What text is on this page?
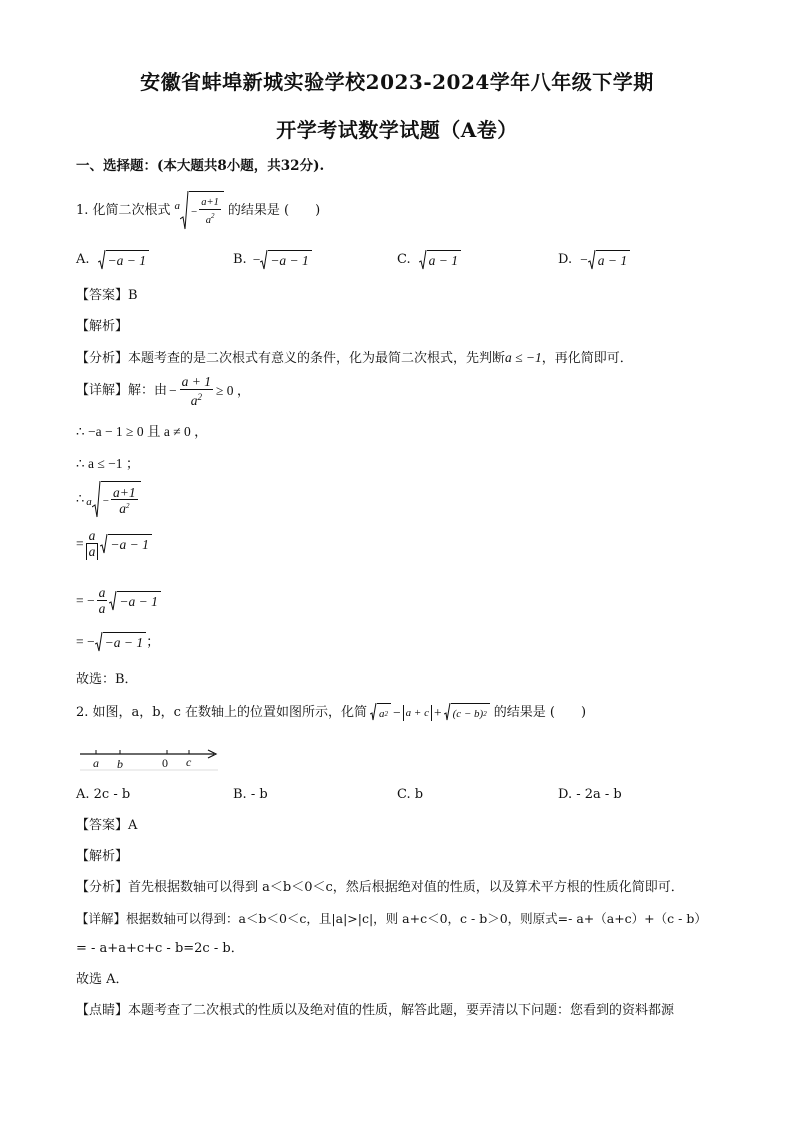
安徽省蚌埠新城实验学校2023-2024学年八年级下学期
开学考试数学试题（A卷）
一、选择题：(本大题共8小题，共32分).
1. 化简二次根式 $a - \frac{a+1}{a^2}$ 的结果是 (　　)
A. −a − 1	B. − −a − 1	C. a − 1	D. − a − 1
【答案】B
【解析】
【分析】本题考查的是二次根式有意义的条件，化为最简二次根式，先判断a ≤ −1，再化简即可．
【详解】解：由 − $\frac{a + 1}{a^2} \ge 0$ ，
∴ −a − 1 ≥ 0 且 a ≠ 0 ，
∴ a ≤ −1 ；
∴ $a - \frac{a+1}{a^2}$
= $\frac{a}{a} -a - 1$
= − $\frac{a}{a} -a - 1$
= − −a − 1 ；
故选：B．
2. 如图，a，b，c 在数轴上的位置如图所示，化简 a 2 − a + c + (c − b) 2 的结果是 (　　)
a b	0 c
A. 2c - b	B. - b	C. b	D. - 2a - b
【答案】A
【解析】
【分析】首先根据数轴可以得到 a＜b＜0＜c，然后根据绝对值的性质，以及算术平方根的性质化简即可．
【详解】根据数轴可以得到：a＜b＜0＜c，且|a|>|c|，则 a+c＜0，c - b＞0，则原式=- a+（a+c）+（c - b）
= - a+a+c+c - b=2c - b．
故选 A．
【点睛】本题考查了二次根式的性质以及绝对值的性质，解答此题，要弄清以下问题：您看到的资料都源
